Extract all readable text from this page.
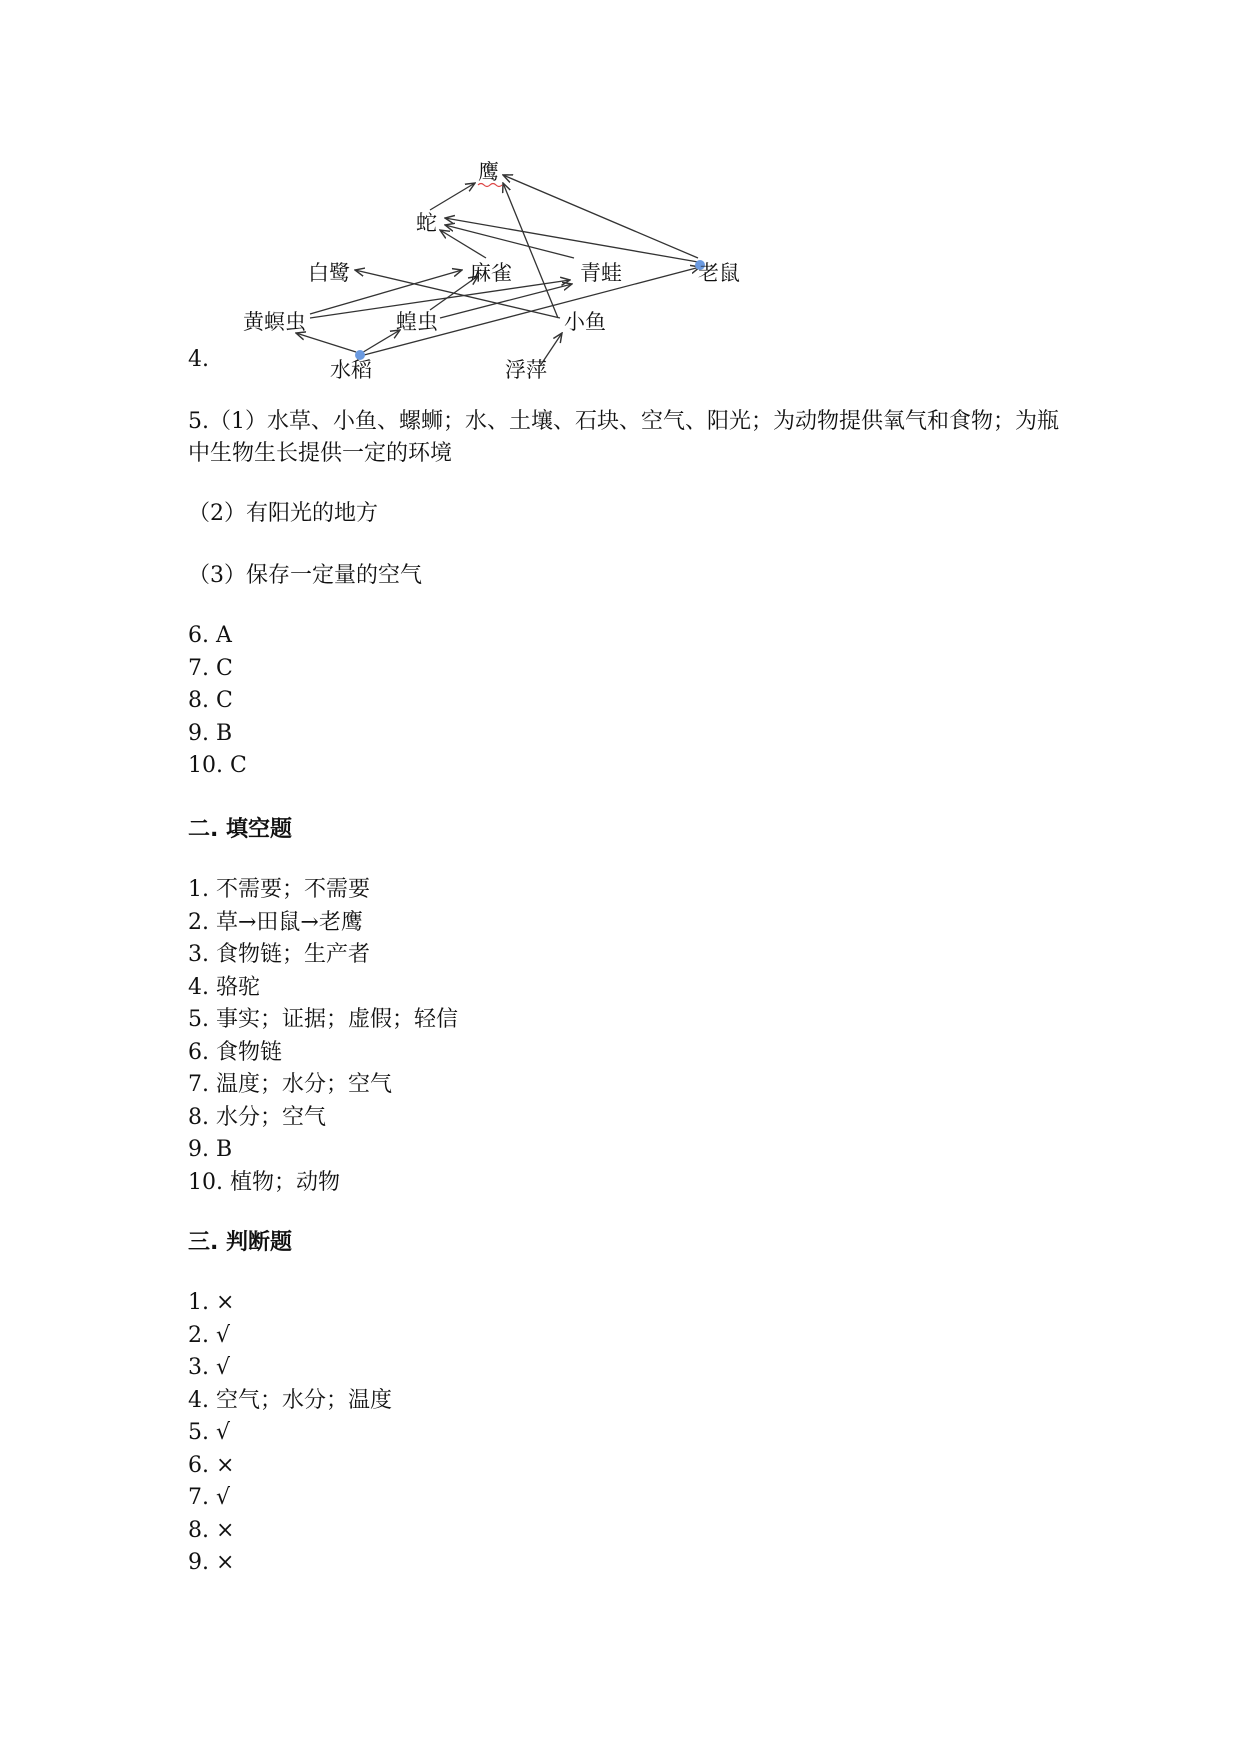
鹰
蛇
白鹭	麻雀	青蛙	老鼠
黄螟虫	蝗虫	小鱼
水稻	浮萍
4.
5.（1）水草、小鱼、螺蛳；水、土壤、石块、空气、阳光；为动物提供氧气和食物；为瓶中生物生长提供一定的环境
（2）有阳光的地方
（3）保存一定量的空气
6. A
7. C
8. C
9. B
10. C
二. 填空题
1. 不需要；不需要
2. 草→田鼠→老鹰
3. 食物链；生产者
4. 骆驼
5. 事实；证据；虚假；轻信
6. 食物链
7. 温度；水分；空气
8. 水分；空气
9. B
10. 植物；动物
三. 判断题
1. ×
2. √
3. √
4. 空气；水分；温度
5. √
6. ×
7. √
8. ×
9. ×
